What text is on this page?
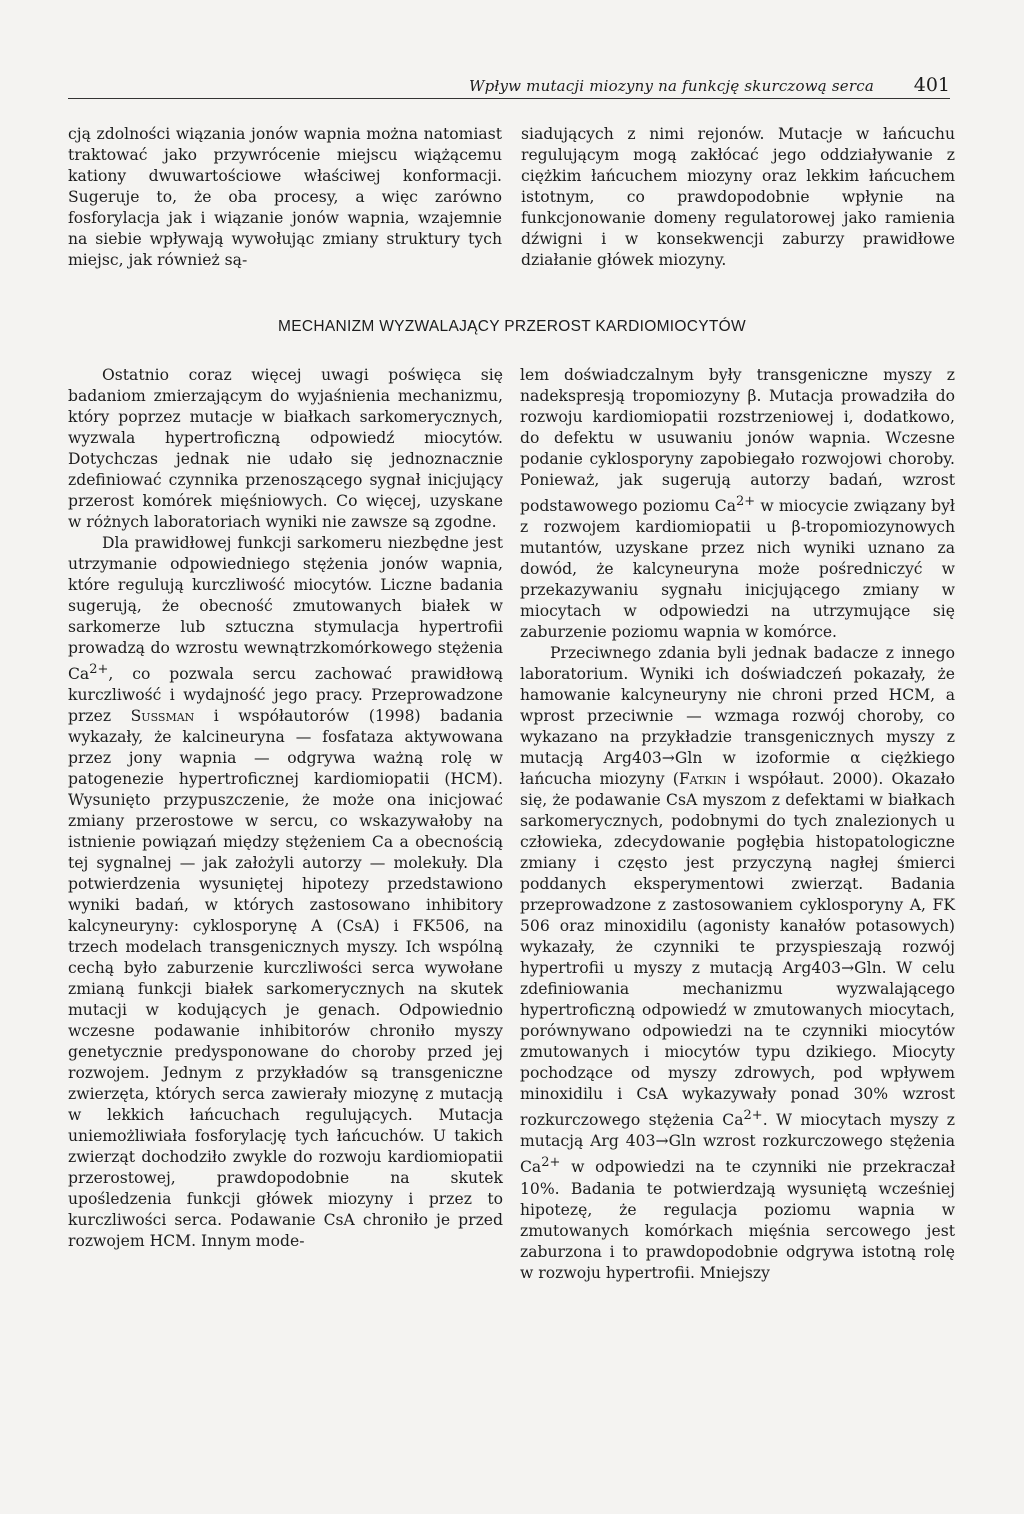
Wpływ mutacji miozyny na funkcję skurczową serca 401

cją zdolności wiązania jonów wapnia można natomiast traktować jako przywrócenie miejscu wiążącemu kationy dwuwartościowe właściwej konformacji. Sugeruje to, że oba procesy, a więc zarówno fosforylacja jak i wiązanie jonów wapnia, wzajemnie na siebie wpływają wywołując zmiany struktury tych miejsc, jak również są-

siadujących z nimi rejonów. Mutacje w łańcuchu regulującym mogą zakłócać jego oddziaływanie z ciężkim łańcuchem miozyny oraz lekkim łańcuchem istotnym, co prawdopodobnie wpłynie na funkcjonowanie domeny regulatorowej jako ramienia dźwigni i w konsekwencji zaburzy prawidłowe działanie główek miozyny.

MECHANIZM WYZWALAJĄCY PRZEROST KARDIOMIOCYTÓW

Ostatnio coraz więcej uwagi poświęca się badaniom zmierzającym do wyjaśnienia mechanizmu, który poprzez mutacje w białkach sarkomerycznych, wyzwala hypertroficzną odpowiedź miocytów. Dotychczas jednak nie udało się jednoznacznie zdefiniować czynnika przenoszącego sygnał inicjujący przerost komórek mięśniowych. Co więcej, uzyskane w różnych laboratoriach wyniki nie zawsze są zgodne.

Dla prawidłowej funkcji sarkomeru niezbędne jest utrzymanie odpowiedniego stężenia jonów wapnia, które regulują kurczliwość miocytów. Liczne badania sugerują, że obecność zmutowanych białek w sarkomerze lub sztuczna stymulacja hypertrofii prowadzą do wzrostu wewnątrzkomórkowego stężenia $Ca^{2+}$, co pozwala sercu zachować prawidłową kurczliwość i wydajność jego pracy. Przeprowadzone przez Sussman i współautorów (1998) badania wykazały, że kalcineuryna — fosfataza aktywowana przez jony wapnia — odgrywa ważną rolę w patogenezie hypertroficznej kardiomiopatii (HCM). Wysunięto przypuszczenie, że może ona inicjować zmiany przerostowe w sercu, co wskazywałoby na istnienie powiązań między stężeniem Ca a obecnością tej sygnalnej — jak założyli autorzy — molekuły. Dla potwierdzenia wysuniętej hipotezy przedstawiono wyniki badań, w których zastosowano inhibitory kalcyneuryny: cyklosporynę A (CsA) i FK506, na trzech modelach transgenicznych myszy. Ich wspólną cechą było zaburzenie kurczliwości serca wywołane zmianą funkcji białek sarkomerycznych na skutek mutacji w kodujących je genach. Odpowiednio wczesne podawanie inhibitorów chroniło myszy genetycznie predysponowane do choroby przed jej rozwojem. Jednym z przykładów są transgeniczne zwierzęta, których serca zawierały miozynę z mutacją w lekkich łańcuchach regulujących. Mutacja uniemożliwiała fosforylację tych łańcuchów. U takich zwierząt dochodziło zwykle do rozwoju kardiomiopatii przerostowej, prawdopodobnie na skutek upośledzenia funkcji główek miozyny i przez to kurczliwości serca. Podawanie CsA chroniło je przed rozwojem HCM. Innym mode-

lem doświadczalnym były transgeniczne myszy z nadekspresją tropomiozyny β. Mutacja prowadziła do rozwoju kardiomiopatii rozstrzeniowej i, dodatkowo, do defektu w usuwaniu jonów wapnia. Wczesne podanie cyklosporyny zapobiegało rozwojowi choroby. Ponieważ, jak sugerują autorzy badań, wzrost podstawowego poziomu $Ca^{2+}$ w miocycie związany był z rozwojem kardiomiopatii u β-tropomiozynowych mutantów, uzyskane przez nich wyniki uznano za dowód, że kalcyneuryna może pośredniczyć w przekazywaniu sygnału inicjującego zmiany w miocytach w odpowiedzi na utrzymujące się zaburzenie poziomu wapnia w komórce.

Przeciwnego zdania byli jednak badacze z innego laboratorium. Wyniki ich doświadczeń pokazały, że hamowanie kalcyneuryny nie chroni przed HCM, a wprost przeciwnie — wzmaga rozwój choroby, co wykazano na przykładzie transgenicznych myszy z mutacją Arg403→Gln w izoformie α ciężkiego łańcucha miozyny (Fatkin i współaut. 2000). Okazało się, że podawanie CsA myszom z defektami w białkach sarkomerycznych, podobnymi do tych znalezionych u człowieka, zdecydowanie pogłębia histopatologiczne zmiany i często jest przyczyną nagłej śmierci poddanych eksperymentowi zwierząt. Badania przeprowadzone z zastosowaniem cyklosporyny A, FK 506 oraz minoxidilu (agonisty kanałów potasowych) wykazały, że czynniki te przyspieszają rozwój hypertrofii u myszy z mutacją Arg403→Gln. W celu zdefiniowania mechanizmu wyzwalającego hypertroficzną odpowiedź w zmutowanych miocytach, porównywano odpowiedzi na te czynniki miocytów zmutowanych i miocytów typu dzikiego. Miocyty pochodzące od myszy zdrowych, pod wpływem minoxidilu i CsA wykazywały ponad 30% wzrost rozkurczowego stężenia $Ca^{2+}$. W miocytach myszy z mutacją Arg 403→Gln wzrost rozkurczowego stężenia $Ca^{2+}$ w odpowiedzi na te czynniki nie przekraczał 10%. Badania te potwierdzają wysuniętą wcześniej hipotezę, że regulacja poziomu wapnia w zmutowanych komórkach mięśnia sercowego jest zaburzona i to prawdopodobnie odgrywa istotną rolę w rozwoju hypertrofii. Mniejszy
